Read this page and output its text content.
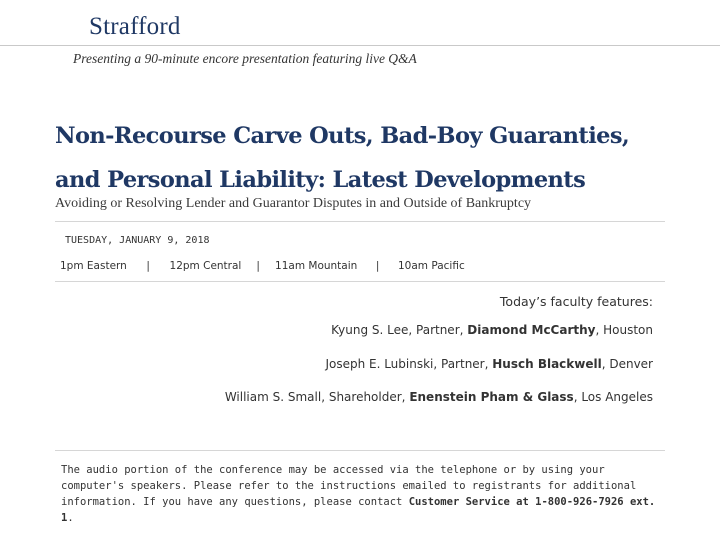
Strafford
Presenting a 90-minute encore presentation featuring live Q&A
Non-Recourse Carve Outs, Bad-Boy Guaranties,
and Personal Liability: Latest Developments
Avoiding or Resolving Lender and Guarantor Disputes in and Outside of Bankruptcy
TUESDAY, JANUARY 9, 2018
1pm Eastern | 12pm Central | 11am Mountain | 10am Pacific
Today’s faculty features:
Kyung S. Lee, Partner, Diamond McCarthy, Houston
Joseph E. Lubinski, Partner, Husch Blackwell, Denver
William S. Small, Shareholder, Enenstein Pham & Glass, Los Angeles
The audio portion of the conference may be accessed via the telephone or by using your computer's speakers. Please refer to the instructions emailed to registrants for additional information. If you have any questions, please contact Customer Service at 1-800-926-7926 ext. 1.
